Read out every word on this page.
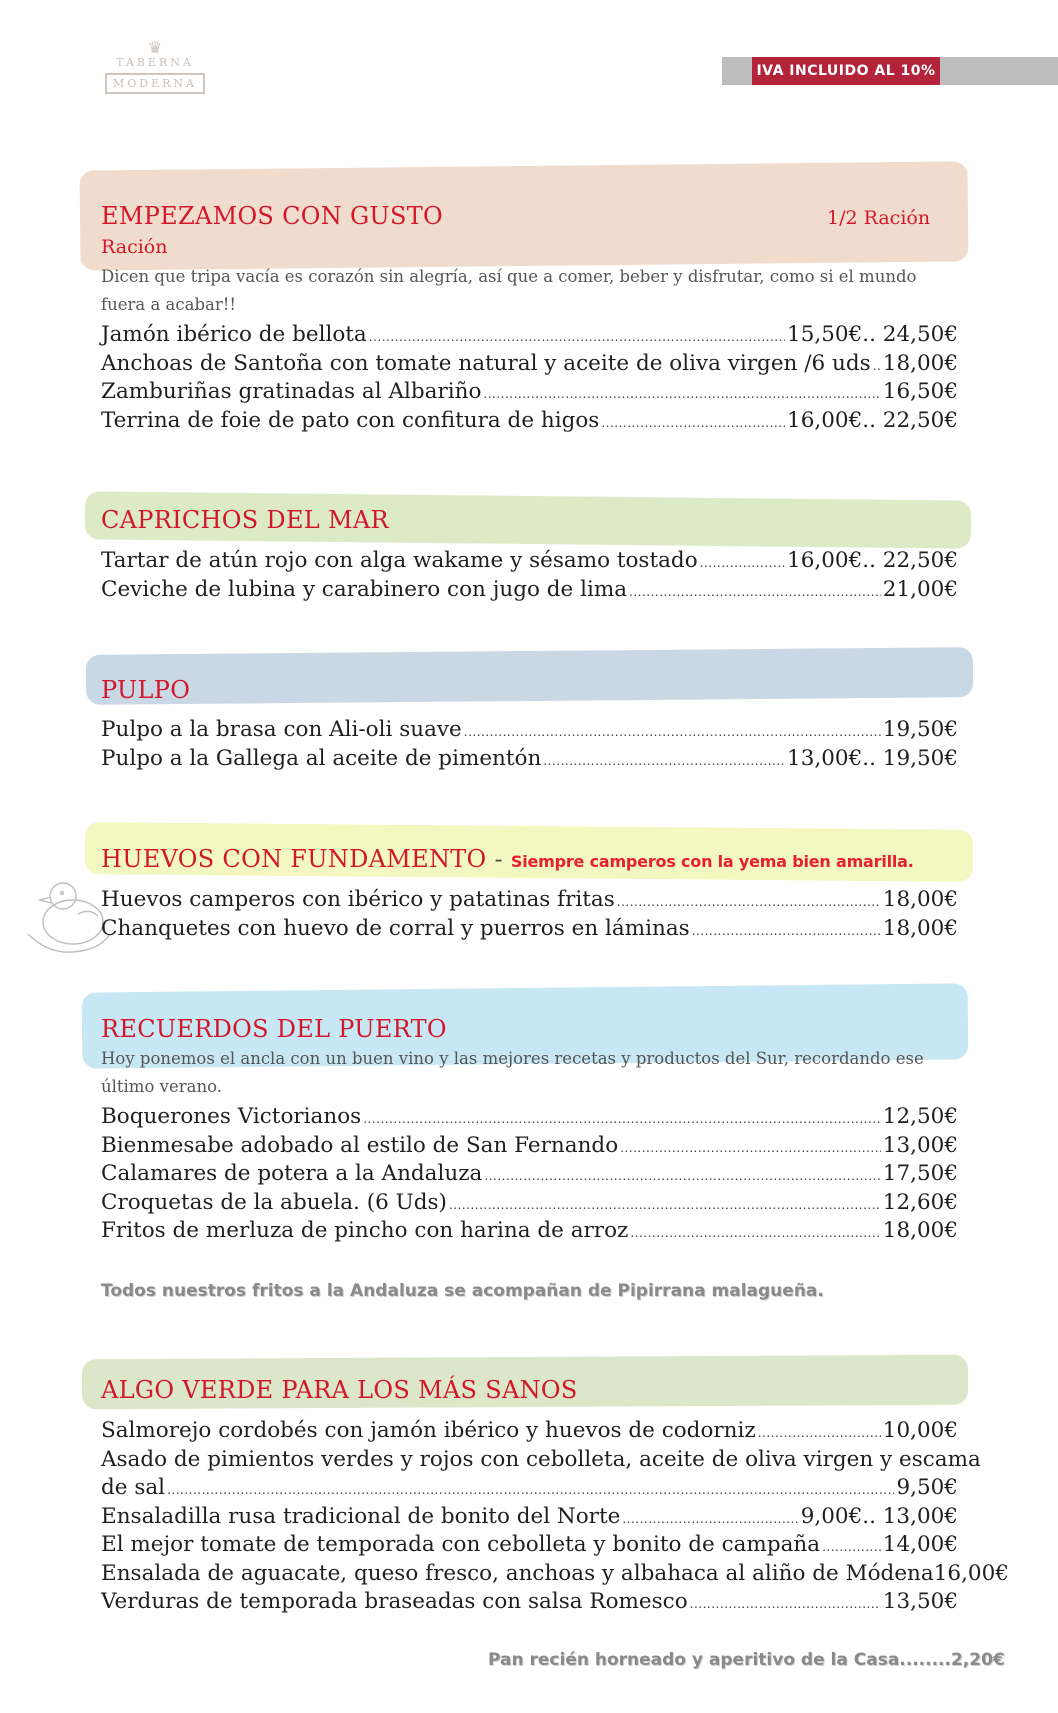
♛
TABERNA
MODERNA
IVA INCLUIDO AL 10%
EMPEZAMOS CON GUSTO	1/2 Ración
Ración
Dicen que tripa vacía es corazón sin alegría, así que a comer, beber y disfrutar, como si el mundo fuera a acabar!!
Jamón ibérico de bellota .....	15,50€.. 24,50€
Anchoas de Santoña con tomate natural y aceite de oliva virgen /6 uds ..... 18,00€
Zamburiñas gratinadas al Albariño .....	16,50€
Terrina de foie de pato con confitura de higos .....	16,00€.. 22,50€
CAPRICHOS DEL MAR
Tartar de atún rojo con alga wakame y sésamo tostado .....	16,00€.. 22,50€
Ceviche de lubina y carabinero con jugo de lima .....	21,00€
PULPO
Pulpo a la brasa con Ali-oli suave .....	19,50€
Pulpo a la Gallega al aceite de pimentón .....	13,00€.. 19,50€
HUEVOS CON FUNDAMENTO - Siempre camperos con la yema bien amarilla.
Huevos camperos con ibérico y patatinas fritas .....	18,00€
Chanquetes con huevo de corral y puerros en láminas .....	18,00€
RECUERDOS DEL PUERTO
Hoy ponemos el ancla con un buen vino y las mejores recetas y productos del Sur, recordando ese último verano.
Boquerones Victorianos .....	12,50€
Bienmesabe adobado al estilo de San Fernando .....	13,00€
Calamares de potera a la Andaluza .....	17,50€
Croquetas de la abuela. (6 Uds) .....	12,60€
Fritos de merluza de pincho con harina de arroz .....	18,00€
Todos nuestros fritos a la Andaluza se acompañan de Pipirrana malagueña.
ALGO VERDE PARA LOS MÁS SANOS
Salmorejo cordobés con jamón ibérico y huevos de codorniz .....	10,00€
Asado de pimientos verdes y rojos con cebolleta, aceite de oliva virgen y escama
de sal .....	9,50€
Ensaladilla rusa tradicional de bonito del Norte .....	9,00€.. 13,00€
El mejor tomate de temporada con cebolleta y bonito de campaña .....	14,00€
Ensalada de aguacate, queso fresco, anchoas y albahaca al aliño de Módena 16,00€
Verduras de temporada braseadas con salsa Romesco .....	13,50€
Pan recién horneado y aperitivo de la Casa........2,20€
